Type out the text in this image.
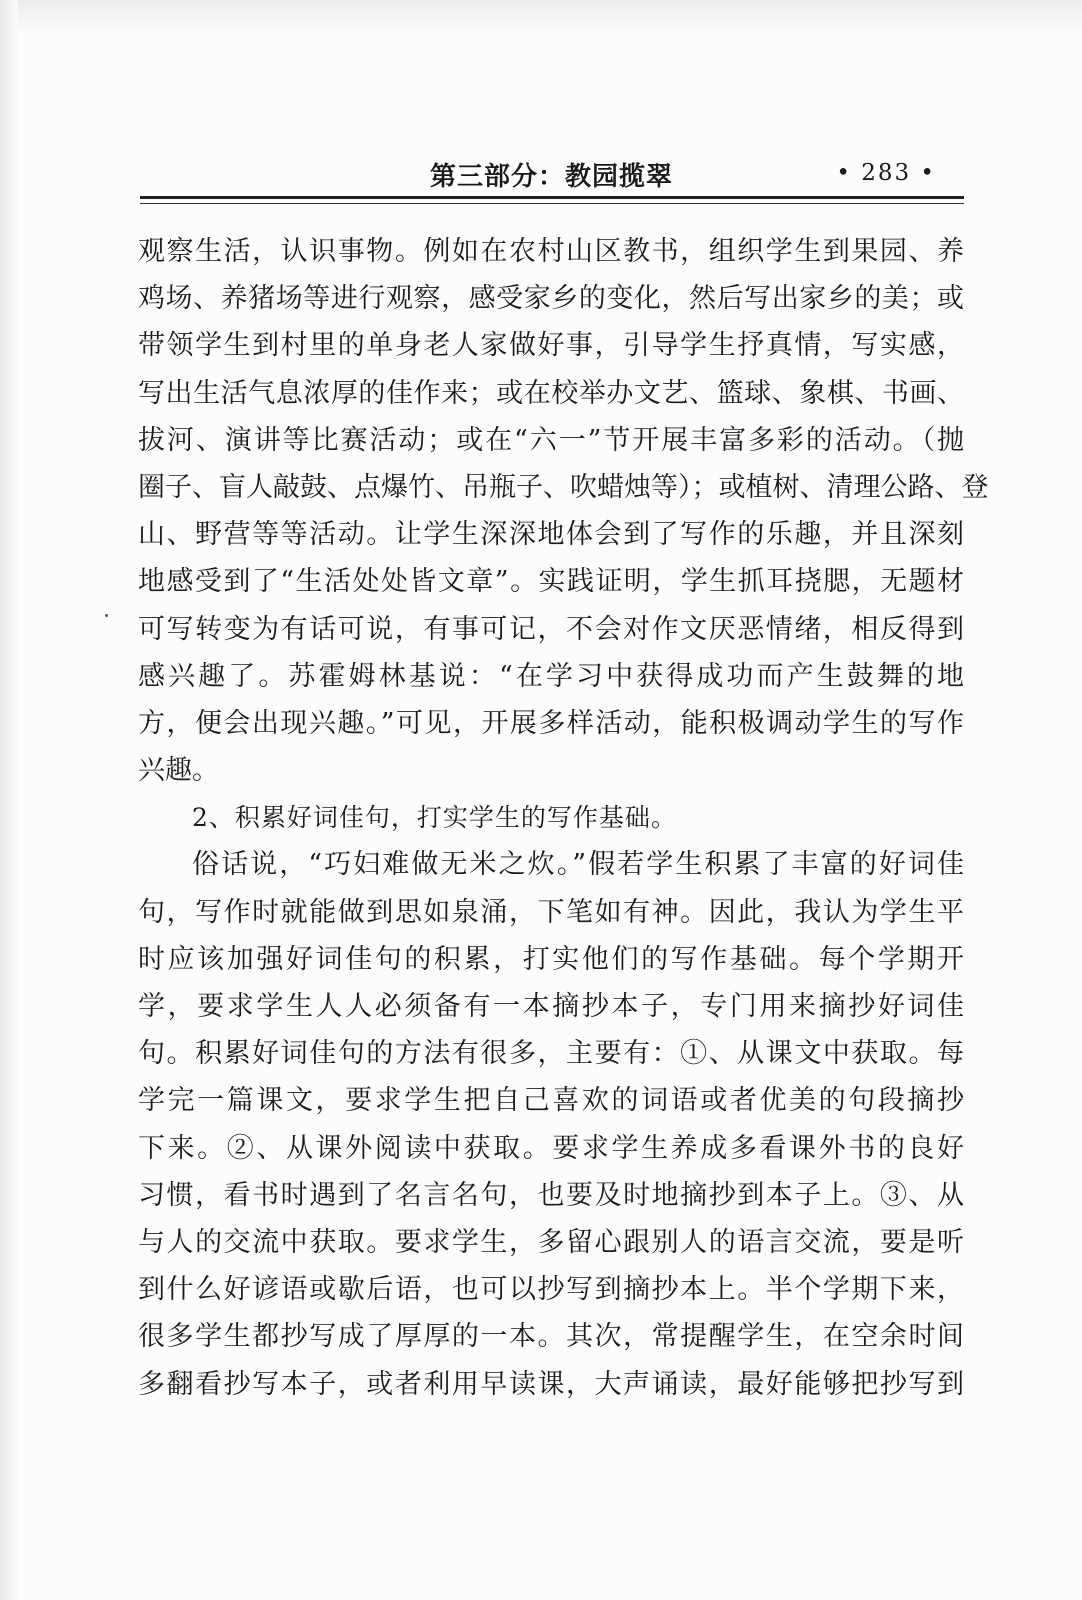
第三部分：教园揽翠	• 283 •
观察生活，认识事物。例如在农村山区教书，组织学生到果园、养
鸡场、养猪场等进行观察，感受家乡的变化，然后写出家乡的美；或
带领学生到村里的单身老人家做好事，引导学生抒真情，写实感，
写出生活气息浓厚的佳作来；或在校举办文艺、篮球、象棋、书画、
拔河、演讲等比赛活动；或在“六一”节开展丰富多彩的活动。（抛
圈子、盲人敲鼓、点爆竹、吊瓶子、吹蜡烛等）；或植树、清理公路、登
山、野营等等活动。让学生深深地体会到了写作的乐趣，并且深刻
地感受到了“生活处处皆文章”。实践证明，学生抓耳挠腮，无题材
可写转变为有话可说，有事可记，不会对作文厌恶情绪，相反得到
感兴趣了。苏霍姆林基说：“在学习中获得成功而产生鼓舞的地
方，便会出现兴趣。”可见，开展多样活动，能积极调动学生的写作
兴趣。
2、积累好词佳句，打实学生的写作基础。
俗话说，“巧妇难做无米之炊。”假若学生积累了丰富的好词佳
句，写作时就能做到思如泉涌，下笔如有神。因此，我认为学生平
时应该加强好词佳句的积累，打实他们的写作基础。每个学期开
学，要求学生人人必须备有一本摘抄本子，专门用来摘抄好词佳
句。积累好词佳句的方法有很多，主要有：①、从课文中获取。每
学完一篇课文，要求学生把自己喜欢的词语或者优美的句段摘抄
下来。②、从课外阅读中获取。要求学生养成多看课外书的良好
习惯，看书时遇到了名言名句，也要及时地摘抄到本子上。③、从
与人的交流中获取。要求学生，多留心跟别人的语言交流，要是听
到什么好谚语或歇后语，也可以抄写到摘抄本上。半个学期下来，
很多学生都抄写成了厚厚的一本。其次，常提醒学生，在空余时间
多翻看抄写本子，或者利用早读课，大声诵读，最好能够把抄写到
